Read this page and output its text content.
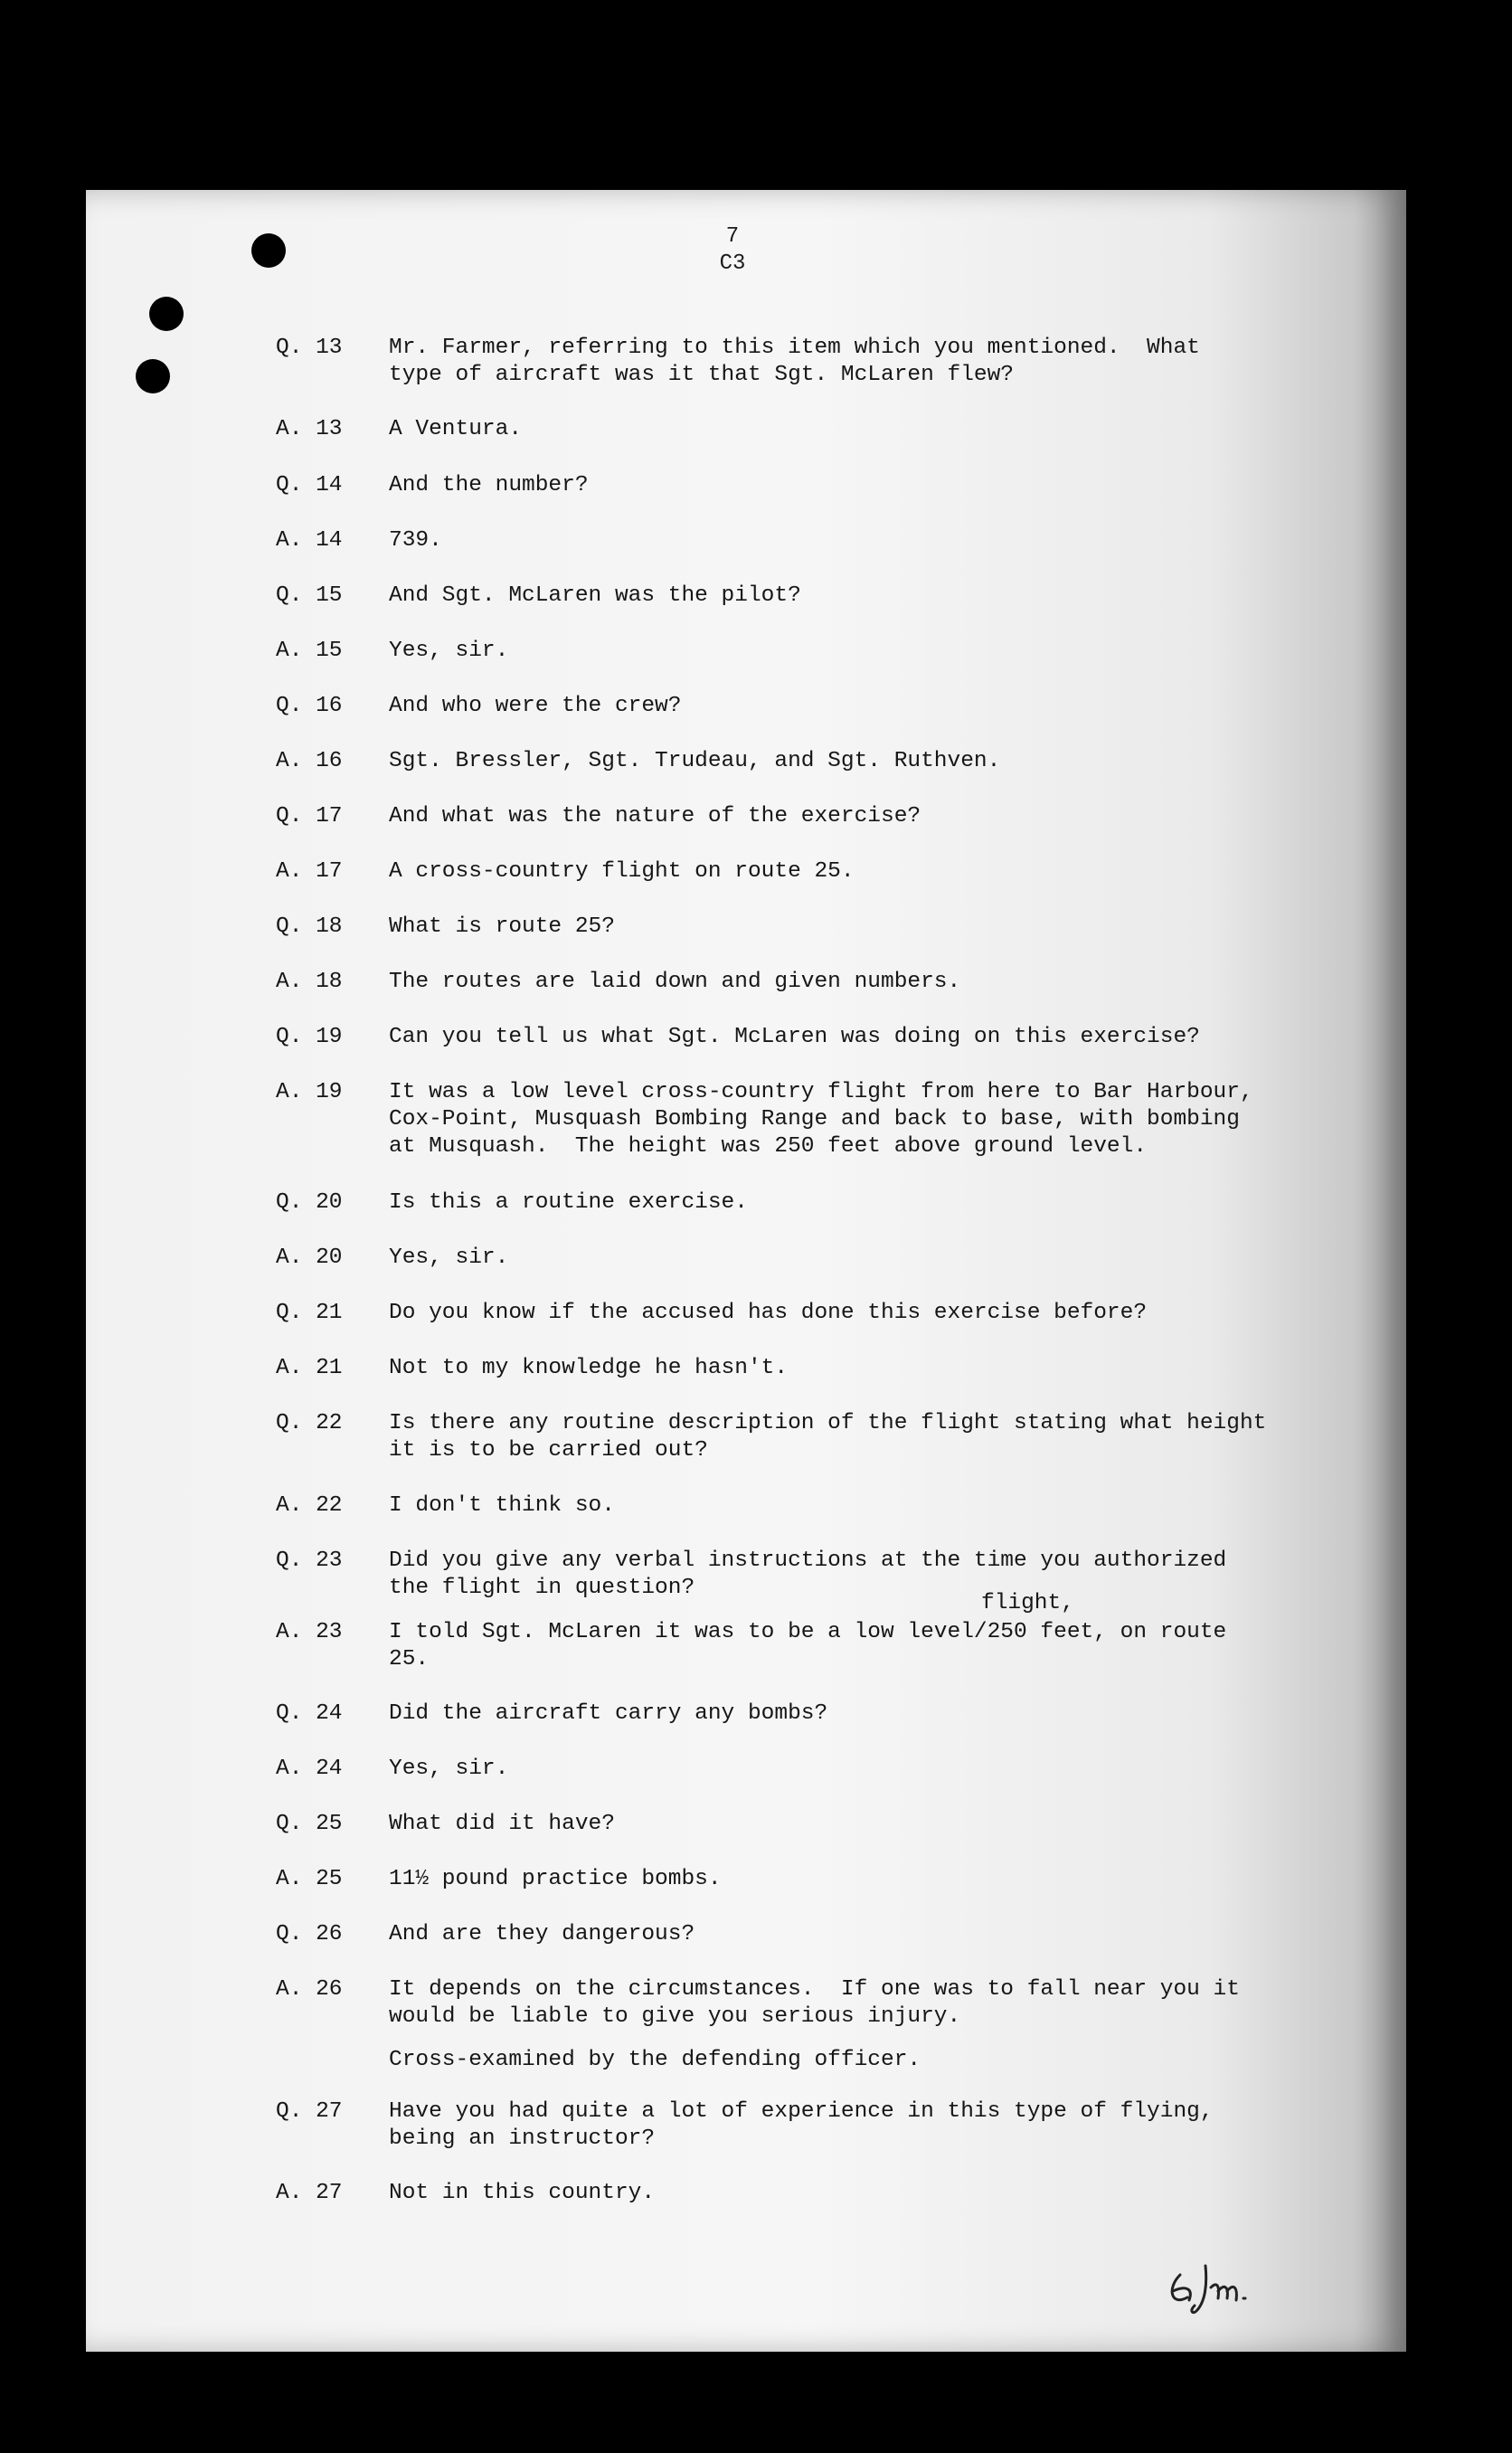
7
C3
Q. 13	Mr. Farmer, referring to this item which you mentioned.  What
type of aircraft was it that Sgt. McLaren flew?
A. 13	A Ventura.
Q. 14	And the number?
A. 14	739.
Q. 15	And Sgt. McLaren was the pilot?
A. 15	Yes, sir.
Q. 16	And who were the crew?
A. 16	Sgt. Bressler, Sgt. Trudeau, and Sgt. Ruthven.
Q. 17	And what was the nature of the exercise?
A. 17	A cross-country flight on route 25.
Q. 18	What is route 25?
A. 18	The routes are laid down and given numbers.
Q. 19	Can you tell us what Sgt. McLaren was doing on this exercise?
A. 19	It was a low level cross-country flight from here to Bar Harbour,
Cox-Point, Musquash Bombing Range and back to base, with bombing
at Musquash.  The height was 250 feet above ground level.
Q. 20	Is this a routine exercise.
A. 20	Yes, sir.
Q. 21	Do you know if the accused has done this exercise before?
A. 21	Not to my knowledge he hasn't.
Q. 22	Is there any routine description of the flight stating what height
it is to be carried out?
A. 22	I don't think so.
Q. 23	Did you give any verbal instructions at the time you authorized
the flight in question?
flight,
A. 23	I told Sgt. McLaren it was to be a low level/250 feet, on route
25.
Q. 24	Did the aircraft carry any bombs?
A. 24	Yes, sir.
Q. 25	What did it have?
A. 25	11½ pound practice bombs.
Q. 26	And are they dangerous?
A. 26	It depends on the circumstances.  If one was to fall near you it
would be liable to give you serious injury.
Cross-examined by the defending officer.
Q. 27	Have you had quite a lot of experience in this type of flying,
being an instructor?
A. 27	Not in this country.
